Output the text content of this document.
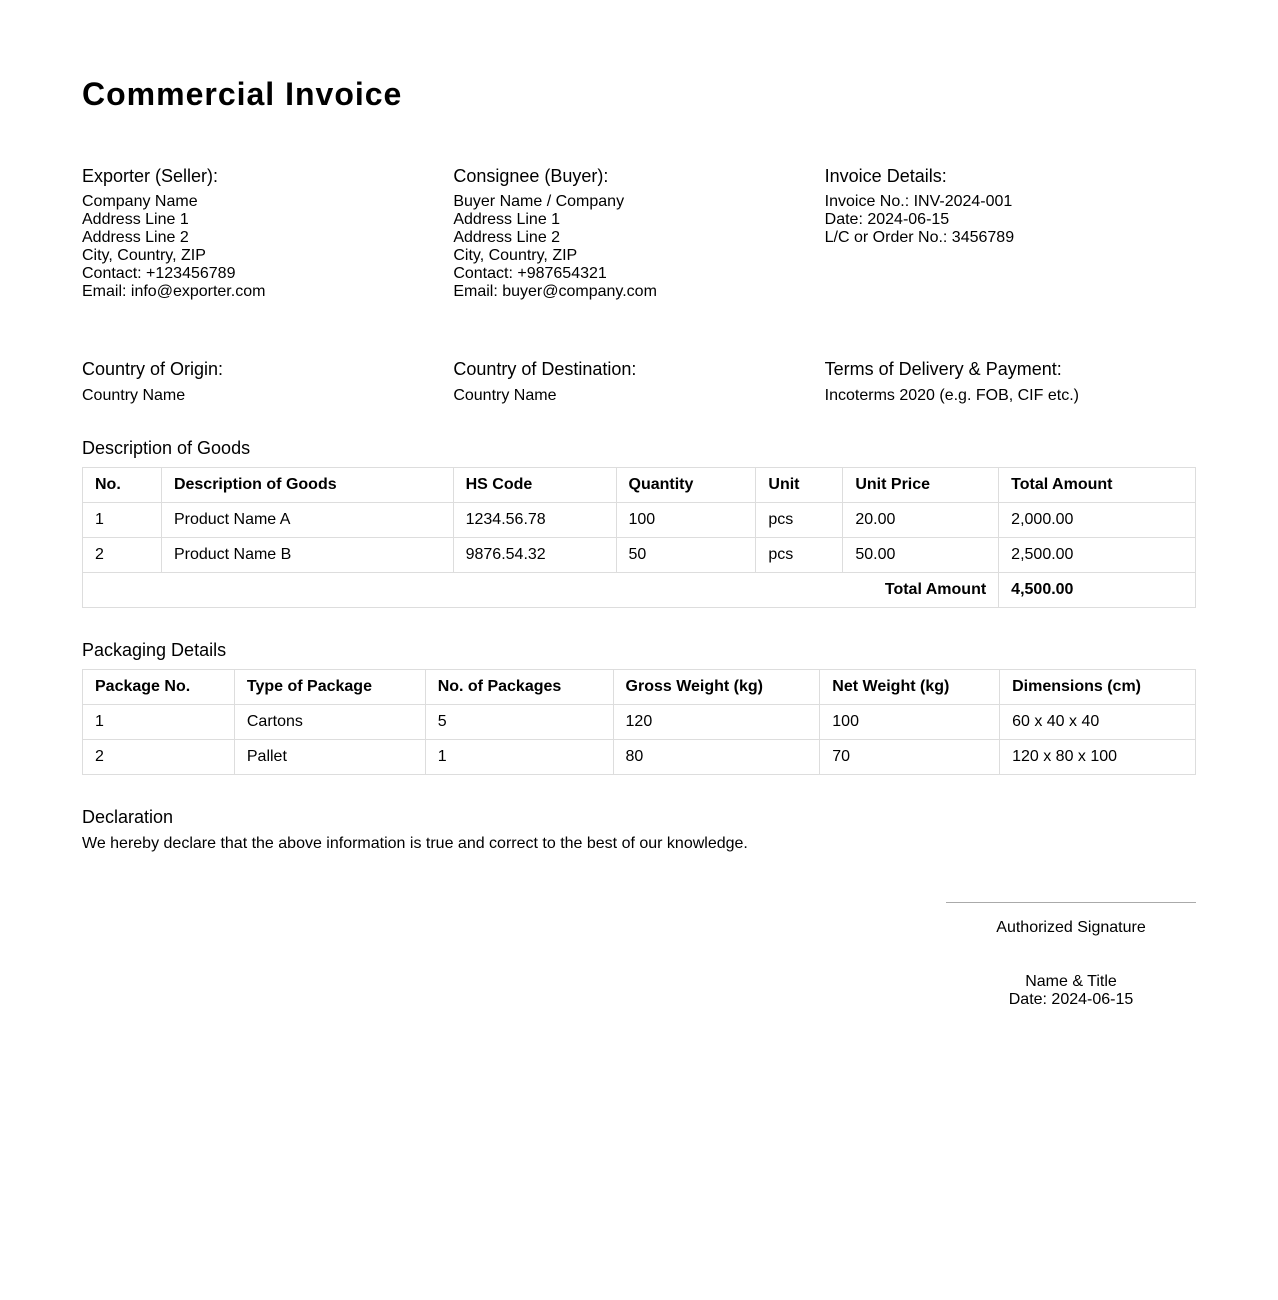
Commercial Invoice
Exporter (Seller):
Company Name
Address Line 1
Address Line 2
City, Country, ZIP
Contact: +123456789
Email: info@exporter.com
Consignee (Buyer):
Buyer Name / Company
Address Line 1
Address Line 2
City, Country, ZIP
Contact: +987654321
Email: buyer@company.com
Invoice Details:
Invoice No.: INV-2024-001
Date: 2024-06-15
L/C or Order No.: 3456789
Country of Origin:
Country Name
Country of Destination:
Country Name
Terms of Delivery & Payment:
Incoterms 2020 (e.g. FOB, CIF etc.)
Description of Goods
No.	Description of Goods	HS Code	Quantity	Unit	Unit Price	Total Amount
1	Product Name A	1234.56.78	100	pcs	20.00	2,000.00
2	Product Name B	9876.54.32	50	pcs	50.00	2,500.00
Total Amount						4,500.00
Packaging Details
Package No.	Type of Package	No. of Packages	Gross Weight (kg)	Net Weight (kg)	Dimensions (cm)
1	Cartons	5	120	100	60 x 40 x 40
2	Pallet	1	80	70	120 x 80 x 100
Declaration
We hereby declare that the above information is true and correct to the best of our knowledge.
Authorized Signature
Name & Title
Date: 2024-06-15
